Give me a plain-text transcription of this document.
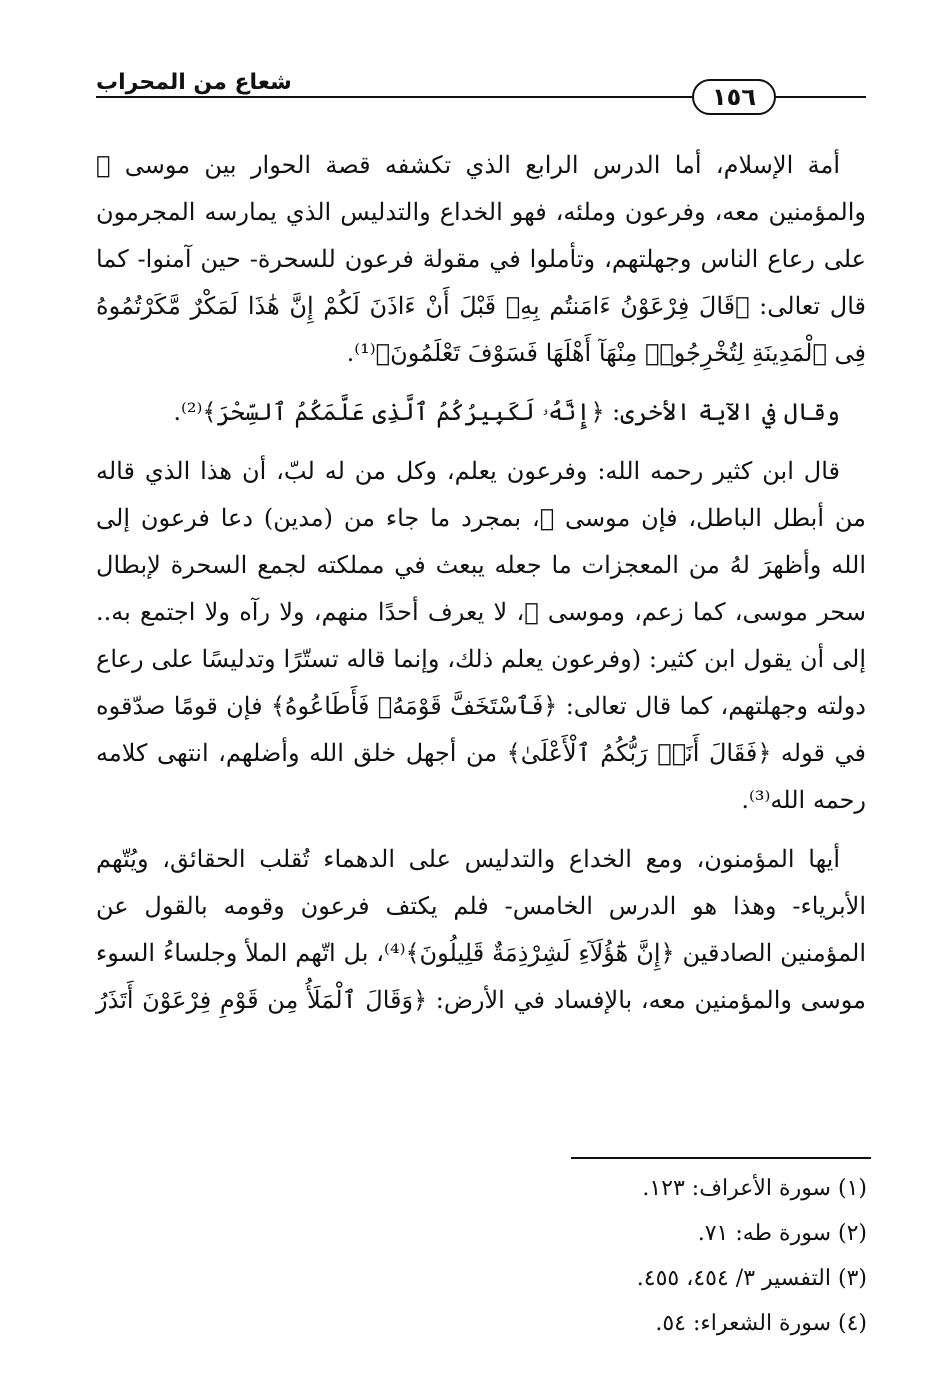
شعاع من المحراب
١٥٦

أمة الإسلام، أما الدرس الرابع الذي تكشفه قصة الحوار بين موسى ﷺ والمؤمنين معه، وفرعون وملئه، فهو الخداع والتدليس الذي يمارسه المجرمون على رعاع الناس وجهلتهم، وتأملوا في مقولة فرعون للسحرة- حين آمنوا- كما قال تعالى: ﴿قَالَ فِرْعَوْنُ ءَامَنتُم بِهِۦ قَبْلَ أَنْ ءَاذَنَ لَكُمْ إِنَّ هَٰذَا لَمَكْرٌ مَّكَرْتُمُوهُ فِى ٱلْمَدِينَةِ لِتُخْرِجُوا۟ مِنْهَآ أَهْلَهَا فَسَوْفَ تَعْلَمُونَ﴾⁽¹⁾.

وقال في الآية الأخرى: ﴿إِنَّهُۥ لَكَبِيرُكُمُ ٱلَّذِى عَلَّمَكُمُ ٱلسِّحْرَ﴾⁽²⁾.

قال ابن كثير رحمه الله: وفرعون يعلم، وكل من له لبّ، أن هذا الذي قاله من أبطل الباطل، فإن موسى ﷺ، بمجرد ما جاء من (مدين) دعا فرعون إلى الله وأظهرَ لهُ من المعجزات ما جعله يبعث في مملكته لجمع السحرة لإبطال سحر موسى، كما زعم، وموسى ﷺ، لا يعرف أحدًا منهم، ولا رآه ولا اجتمع به.. إلى أن يقول ابن كثير: (وفرعون يعلم ذلك، وإنما قاله تستّرًا وتدليسًا على رعاع دولته وجهلتهم، كما قال تعالى: ﴿فَٱسْتَخَفَّ قَوْمَهُۥ فَأَطَاعُوهُ﴾ فإن قومًا صدّقوه في قوله ﴿فَقَالَ أَنَا۠ رَبُّكُمُ ٱلْأَعْلَىٰ﴾ من أجهل خلق الله وأضلهم، انتهى كلامه رحمه الله⁽³⁾.

أيها المؤمنون، ومع الخداع والتدليس على الدهماء تُقلب الحقائق، ويُتّهم الأبرياء- وهذا هو الدرس الخامس- فلم يكتف فرعون وقومه بالقول عن المؤمنين الصادقين ﴿إِنَّ هَٰٓؤُلَآءِ لَشِرْذِمَةٌ قَلِيلُونَ﴾⁽⁴⁾، بل اتّهم الملأ وجلساءُ السوء موسى والمؤمنين معه، بالإفساد في الأرض: ﴿وَقَالَ ٱلْمَلَأُ مِن قَوْمِ فِرْعَوْنَ أَتَذَرُ

(١) سورة الأعراف: ١٢٣.

(٢) سورة طه: ٧١.

(٣) التفسير ٣/ ٤٥٤، ٤٥٥.

(٤) سورة الشعراء: ٥٤.
